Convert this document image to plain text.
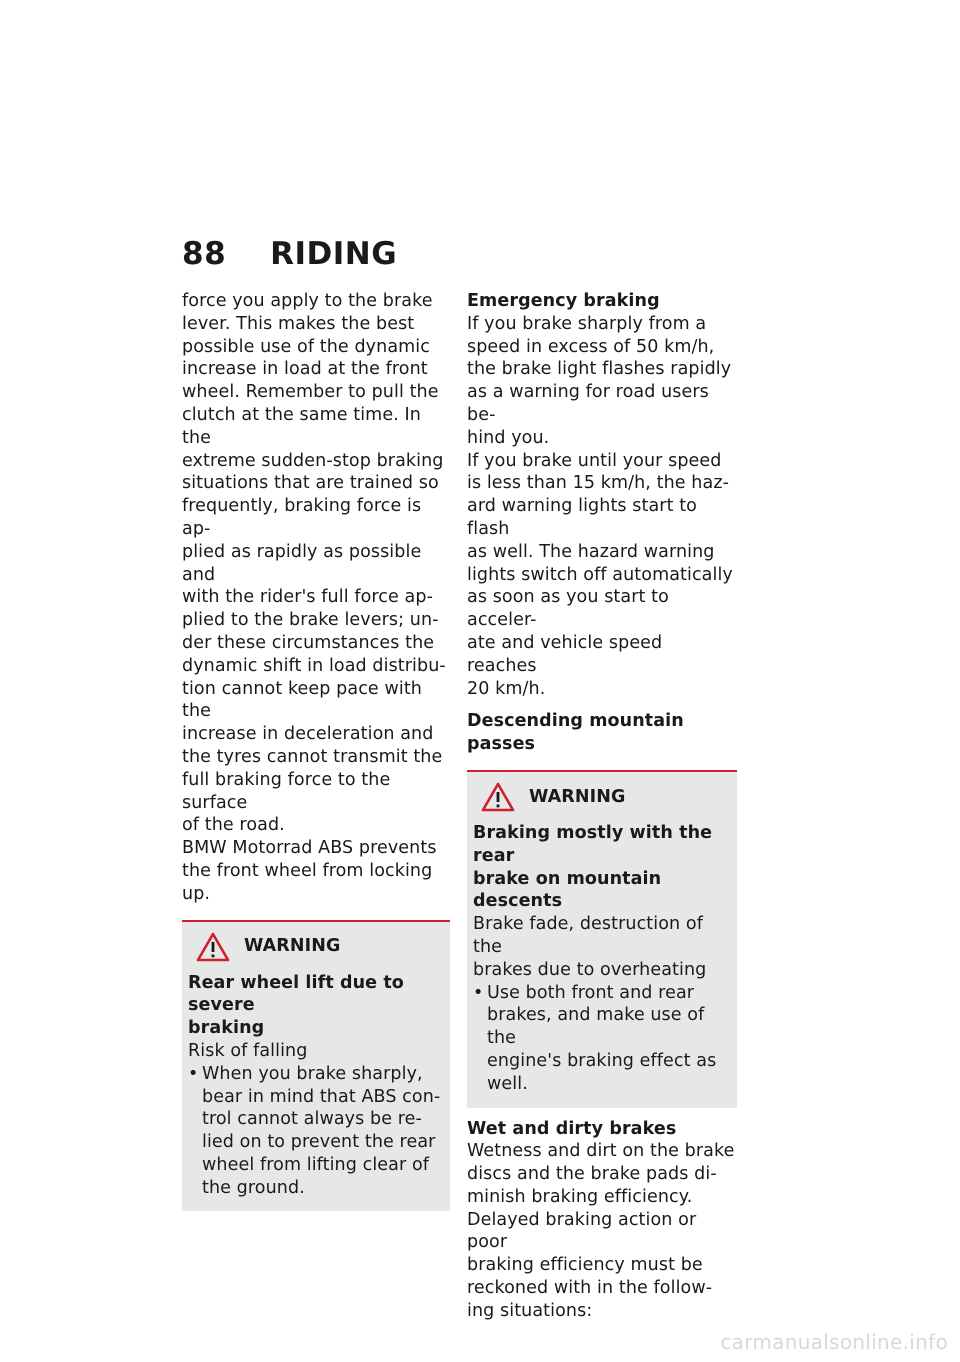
88 RIDING

force you apply to the brake
lever. This makes the best
possible use of the dynamic
increase in load at the front
wheel. Remember to pull the
clutch at the same time. In the
extreme sudden-stop braking
situations that are trained so
frequently, braking force is ap-
plied as rapidly as possible and
with the rider's full force ap-
plied to the brake levers; un-
der these circumstances the
dynamic shift in load distribu-
tion cannot keep pace with the
increase in deceleration and
the tyres cannot transmit the
full braking force to the surface
of the road.

BMW Motorrad ABS prevents
the front wheel from locking
up.

WARNING

Rear wheel lift due to severe
braking

Risk of falling

• When you brake sharply,
bear in mind that ABS con-
trol cannot always be re-
lied on to prevent the rear
wheel from lifting clear of
the ground.

Emergency braking

If you brake sharply from a
speed in excess of 50 km/h,
the brake light flashes rapidly
as a warning for road users be-
hind you.

If you brake until your speed
is less than 15 km/h, the haz-
ard warning lights start to flash
as well. The hazard warning
lights switch off automatically
as soon as you start to acceler-
ate and vehicle speed reaches
20 km/h.

Descending mountain passes

WARNING

Braking mostly with the rear
brake on mountain descents

Brake fade, destruction of the
brakes due to overheating

• Use both front and rear
brakes, and make use of the
engine's braking effect as
well.

Wet and dirty brakes

Wetness and dirt on the brake
discs and the brake pads di-
minish braking efficiency.

Delayed braking action or poor
braking efficiency must be
reckoned with in the follow-
ing situations:

carmanualsonline.info
